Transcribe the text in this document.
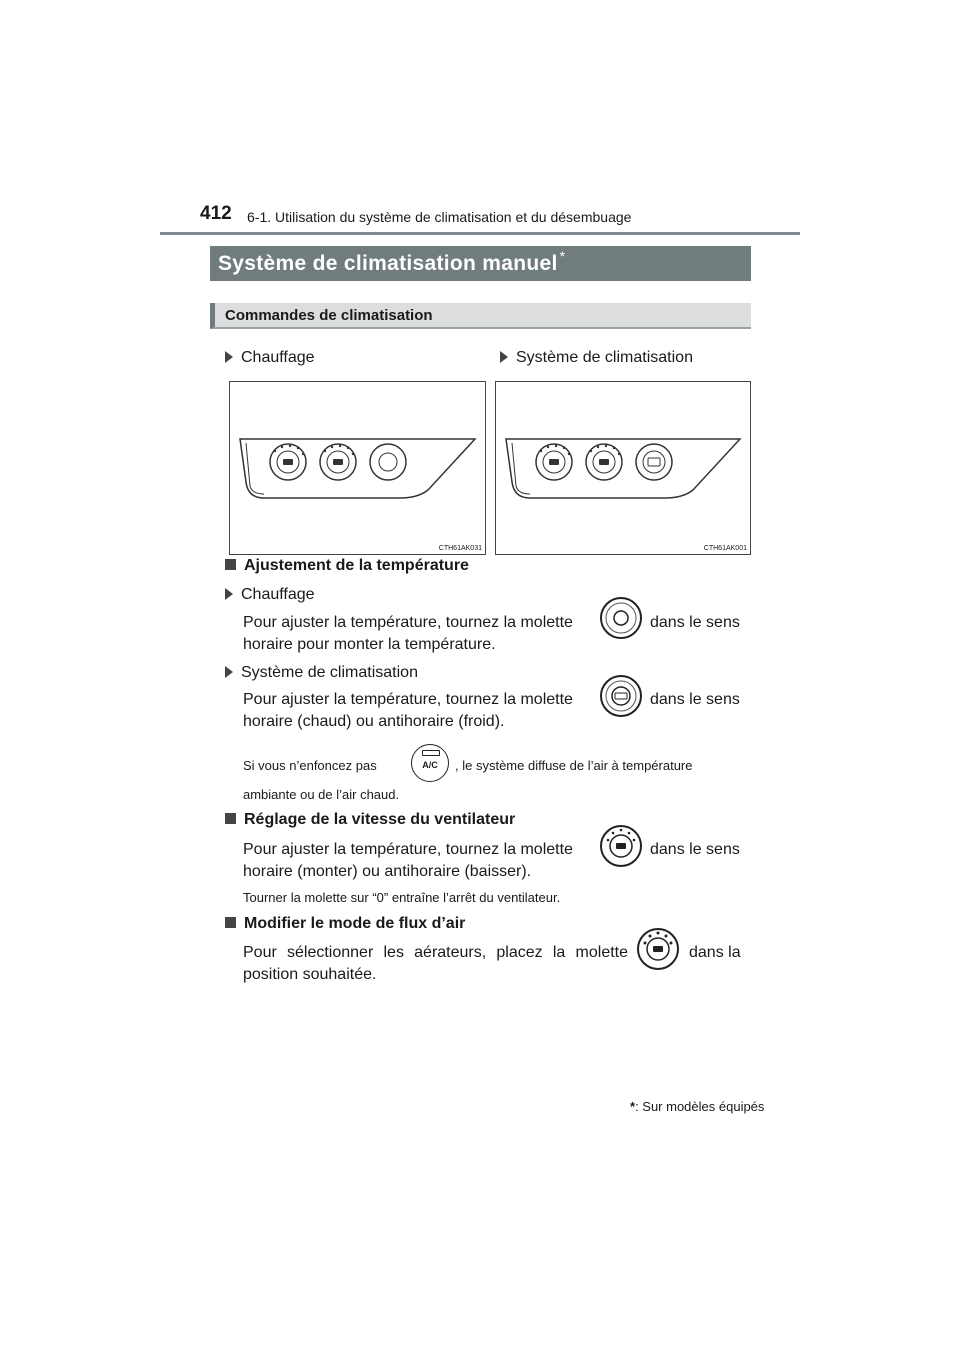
412 6-1. Utilisation du système de climatisation et du désembuage
Système de climatisation manuel *
Commandes de climatisation
Chauffage	Système de climatisation
CTH61AK031	CTH61AK001
Ajustement de la température
Chauffage
Pour ajuster la température, tournez la molette	dans le sens
horaire pour monter la température.
Système de climatisation
Pour ajuster la température, tournez la molette	dans le sens
horaire (chaud) ou antihoraire (froid).
Si vous n’enfoncez pas	, le système diffuse de l’air à température
ambiante ou de l’air chaud.
A/C
Réglage de la vitesse du ventilateur
Pour ajuster la température, tournez la molette	dans le sens
horaire (monter) ou antihoraire (baisser).
Tourner la molette sur “0” entraîne l’arrêt du ventilateur.
Modifier le mode de flux d’air
Pour sélectionner les aérateurs, placez la molette	dans la
position souhaitée.
*: Sur modèles équipés
